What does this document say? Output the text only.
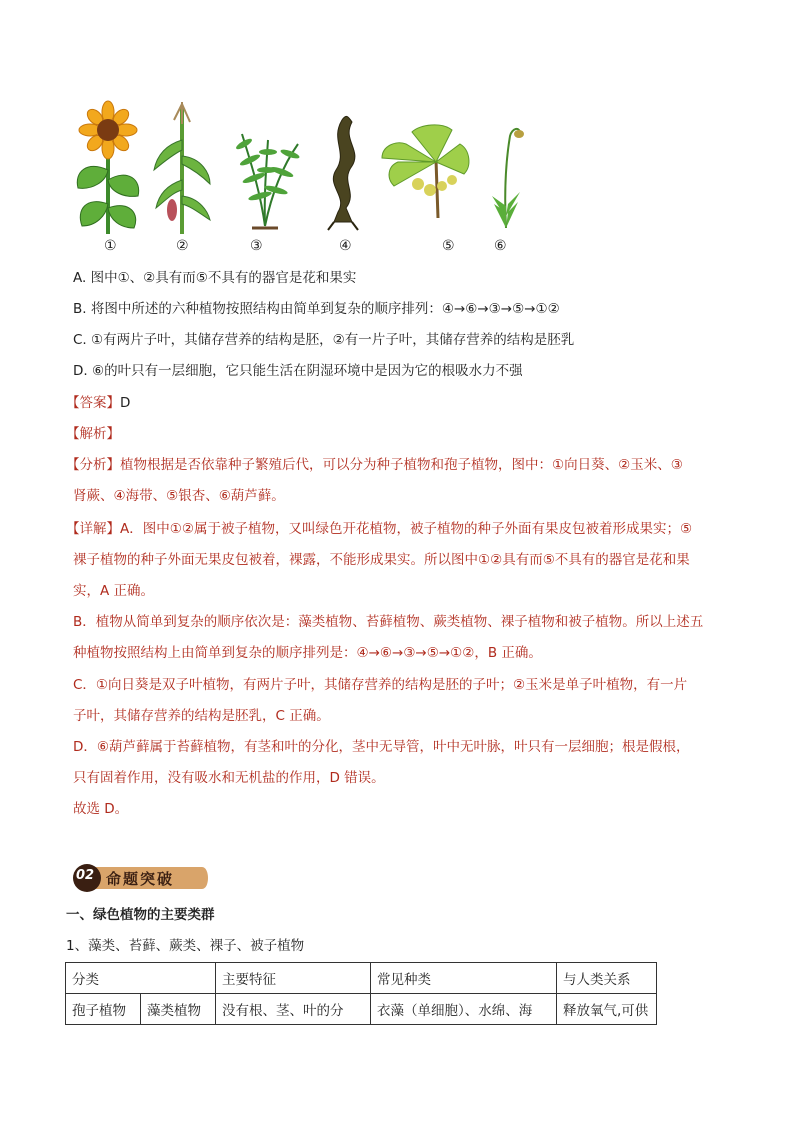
①	②	③	④	⑤	⑥
A. 图中①、②具有而⑤不具有的器官是花和果实
B. 将图中所述的六种植物按照结构由简单到复杂的顺序排列：④→⑥→③→⑤→①②
C. ①有两片子叶，其储存营养的结构是胚，②有一片子叶，其储存营养的结构是胚乳
D. ⑥的叶只有一层细胞，它只能生活在阴湿环境中是因为它的根吸水力不强
【答案】D
【解析】
【分析】植物根据是否依靠种子繁殖后代，可以分为种子植物和孢子植物，图中：①向日葵、②玉米、③
肾蕨、④海带、⑤银杏、⑥葫芦藓。
【详解】A．图中①②属于被子植物，又叫绿色开花植物，被子植物的种子外面有果皮包被着形成果实；⑤
裸子植物的种子外面无果皮包被着，裸露，不能形成果实。所以图中①②具有而⑤不具有的器官是花和果
实，A 正确。
B．植物从简单到复杂的顺序依次是：藻类植物、苔藓植物、蕨类植物、裸子植物和被子植物。所以上述五
种植物按照结构上由简单到复杂的顺序排列是：④→⑥→③→⑤→①②，B 正确。
C．①向日葵是双子叶植物，有两片子叶，其储存营养的结构是胚的子叶；②玉米是单子叶植物，有一片
子叶，其储存营养的结构是胚乳，C 正确。
D．⑥葫芦藓属于苔藓植物，有茎和叶的分化，茎中无导管，叶中无叶脉，叶只有一层细胞；根是假根，
只有固着作用，没有吸水和无机盐的作用，D 错误。
故选 D。
02 命题突破
一、绿色植物的主要类群
1、藻类、苔藓、蕨类、裸子、被子植物
分类		主要特征	常见种类	与人类关系
孢子植物	藻类植物	没有根、茎、叶的分	衣藻（单细胞）、水绵、海	释放氧气,可供
